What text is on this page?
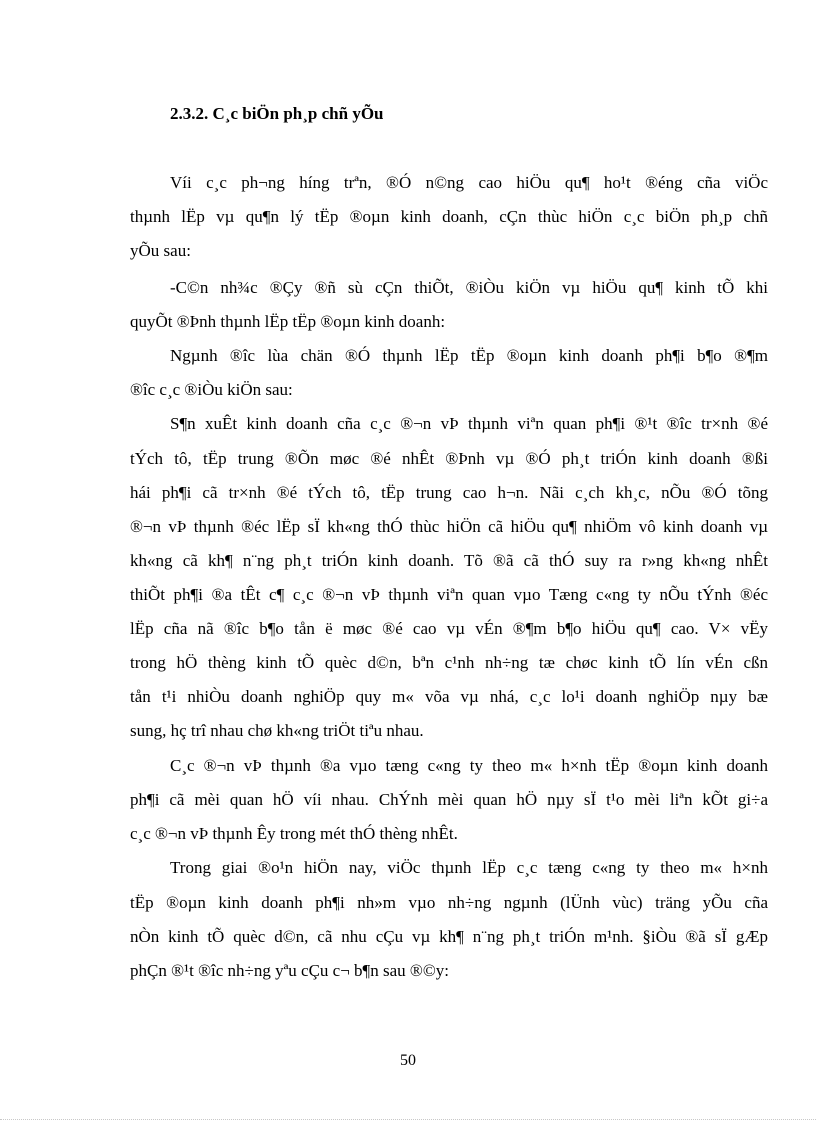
2.3.2. C¸c biÖn ph¸p chñ yÕu
Víi c¸c ph¬ng híng trªn, ®Ó n©ng cao hiÖu qu¶ ho¹t ®éng cña viÖc
thµnh lËp vµ qu¶n lý tËp ®oµn kinh doanh, cÇn thùc hiÖn c¸c biÖn ph¸p chñ
yÕu sau:
-C©n nh¾c ®Çy ®ñ sù cÇn thiÕt, ®iÒu kiÖn vµ hiÖu qu¶ kinh tÕ khi
quyÕt ®Þnh thµnh lËp tËp ®oµn kinh doanh:
Ngµnh ®îc lùa chän ®Ó thµnh lËp tËp ®oµn kinh doanh ph¶i b¶o ®¶m
®îc c¸c ®iÒu kiÖn sau:
S¶n xuÊt kinh doanh cña c¸c ®¬n vÞ thµnh viªn quan ph¶i ®¹t ®îc tr×nh ®é
tÝch tô, tËp trung ®Õn møc ®é nhÊt ®Þnh vµ ®Ó ph¸t triÓn kinh doanh ®ßi
hái ph¶i cã tr×nh ®é tÝch tô, tËp trung cao h¬n. Nãi c¸ch kh¸c, nÕu ®Ó tõng
®¬n vÞ thµnh ®éc lËp sÏ kh«ng thÓ thùc hiÖn cã hiÖu qu¶ nhiÖm vô kinh doanh vµ
kh«ng cã kh¶ n¨ng ph¸t triÓn kinh doanh. Tõ ®ã cã thÓ suy ra r»ng kh«ng nhÊt
thiÕt ph¶i ®a tÊt c¶ c¸c ®¬n vÞ thµnh viªn quan vµo Tæng c«ng ty nÕu tÝnh ®éc
lËp cña nã ®îc b¶o tån ë møc ®é cao vµ vÉn ®¶m b¶o hiÖu qu¶ cao. V× vËy
trong hÖ thèng kinh tÕ quèc d©n, bªn c¹nh nh÷ng tæ chøc kinh tÕ lín vÉn cßn
tån t¹i nhiÒu doanh nghiÖp quy m« võa vµ nhá, c¸c lo¹i doanh nghiÖp nµy bæ
sung, hç trî nhau chø kh«ng triÖt tiªu nhau.
C¸c ®¬n vÞ thµnh ®a vµo tæng c«ng ty theo m« h×nh tËp ®oµn kinh doanh
ph¶i cã mèi quan hÖ víi nhau. ChÝnh mèi quan hÖ nµy sÏ t¹o mèi liªn kÕt gi÷a
c¸c ®¬n vÞ thµnh Êy trong mét thÓ thèng nhÊt.
Trong giai ®o¹n hiÖn nay, viÖc thµnh lËp c¸c tæng c«ng ty theo m« h×nh
tËp ®oµn kinh doanh ph¶i nh»m vµo nh÷ng ngµnh (lÜnh vùc) träng yÕu cña
nÒn kinh tÕ quèc d©n, cã nhu cÇu vµ kh¶ n¨ng ph¸t triÓn m¹nh. §iÒu ®ã sÏ gÆp
phÇn ®¹t ®îc nh÷ng yªu cÇu c¬ b¶n sau ®©y:
50
